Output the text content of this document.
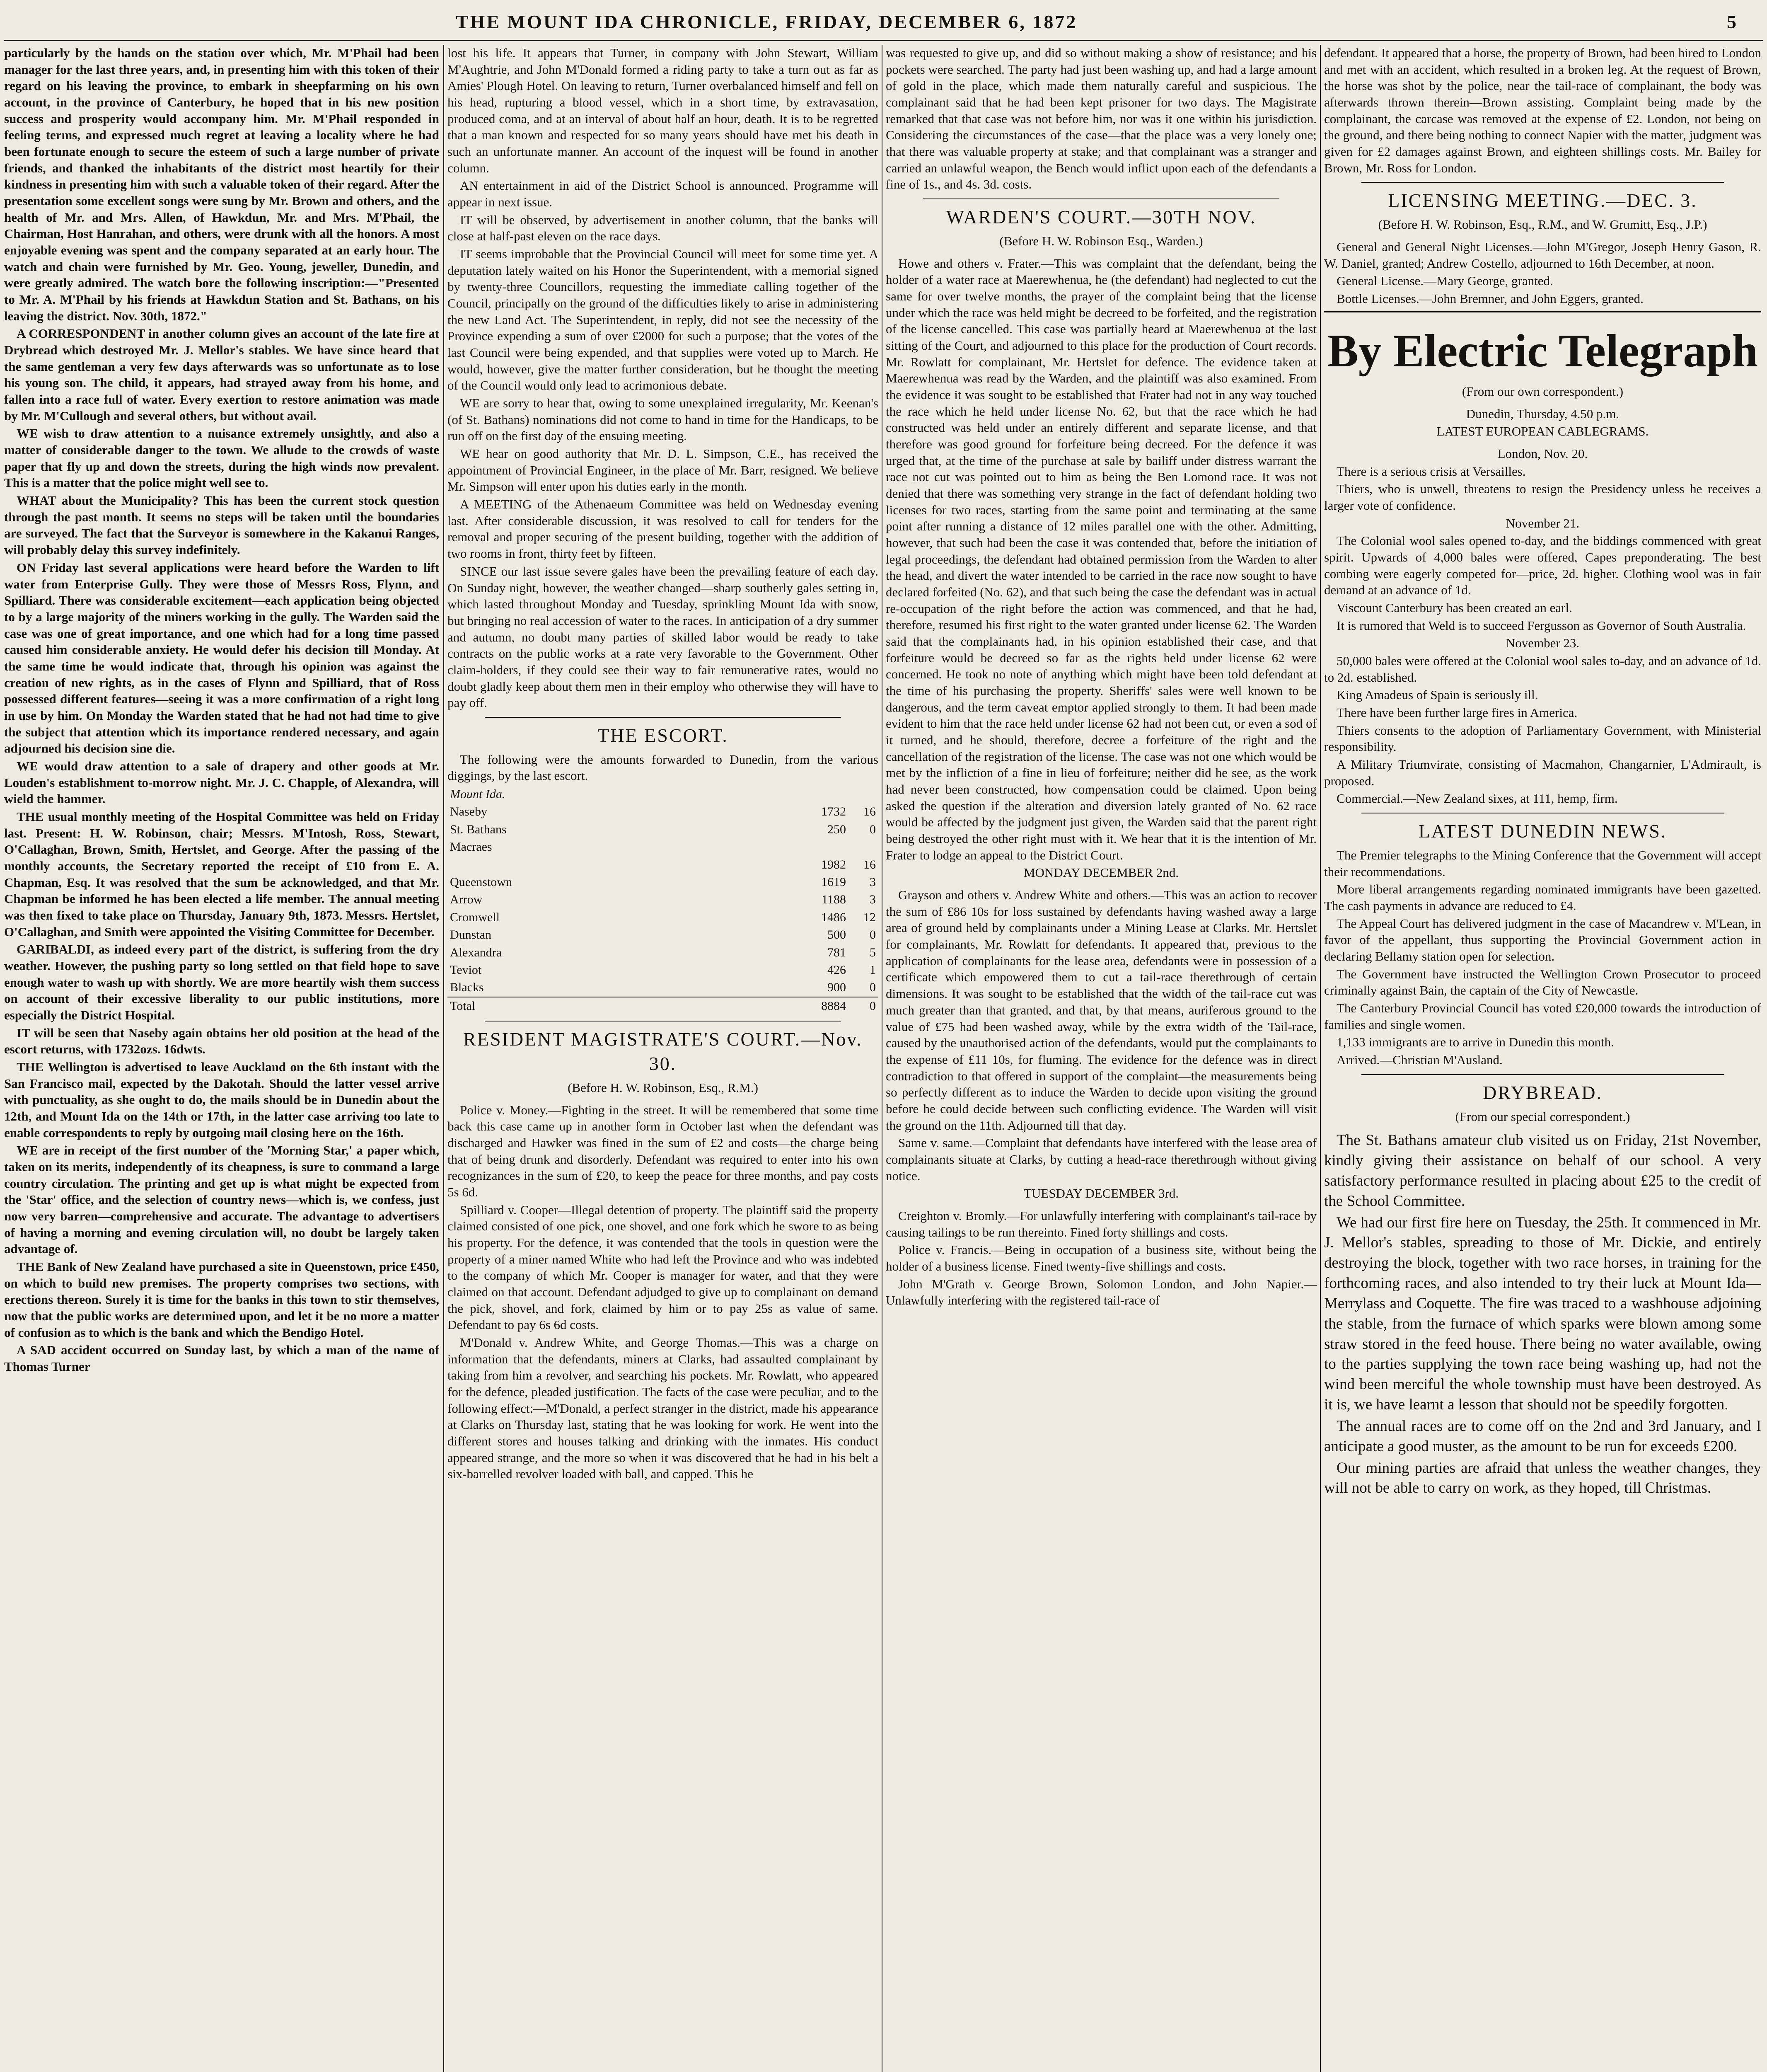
THE MOUNT IDA CHRONICLE, FRIDAY, DECEMBER 6, 1872	5

particularly by the hands on the station over which, Mr. M'Phail had been manager for the last three years, and, in presenting him with this token of their regard on his leaving the province, to embark in sheepfarming on his own account, in the province of Canterbury, he hoped that in his new position success and prosperity would accompany him. Mr. M'Phail responded in feeling terms, and expressed much regret at leaving a locality where he had been fortunate enough to secure the esteem of such a large number of private friends, and thanked the inhabitants of the district most heartily for their kindness in presenting him with such a valuable token of their regard. After the presentation some excellent songs were sung by Mr. Brown and others, and the health of Mr. and Mrs. Allen, of Hawkdun, Mr. and Mrs. M'Phail, the Chairman, Host Hanrahan, and others, were drunk with all the honors. A most enjoyable evening was spent and the company separated at an early hour. The watch and chain were furnished by Mr. Geo. Young, jeweller, Dunedin, and were greatly admired. The watch bore the following inscription:—"Presented to Mr. A. M'Phail by his friends at Hawkdun Station and St. Bathans, on his leaving the district. Nov. 30th, 1872."

A CORRESPONDENT in another column gives an account of the late fire at Drybread which destroyed Mr. J. Mellor's stables. We have since heard that the same gentleman a very few days afterwards was so unfortunate as to lose his young son. The child, it appears, had strayed away from his home, and fallen into a race full of water. Every exertion to restore animation was made by Mr. M'Cullough and several others, but without avail.

WE wish to draw attention to a nuisance extremely unsightly, and also a matter of considerable danger to the town. We allude to the crowds of waste paper that fly up and down the streets, during the high winds now prevalent. This is a matter that the police might well see to.

WHAT about the Municipality? This has been the current stock question through the past month. It seems no steps will be taken until the boundaries are surveyed. The fact that the Surveyor is somewhere in the Kakanui Ranges, will probably delay this survey indefinitely.

ON Friday last several applications were heard before the Warden to lift water from Enterprise Gully. They were those of Messrs Ross, Flynn, and Spilliard. There was considerable excitement—each application being objected to by a large majority of the miners working in the gully. The Warden said the case was one of great importance, and one which had for a long time passed caused him considerable anxiety. He would defer his decision till Monday. At the same time he would indicate that, through his opinion was against the creation of new rights, as in the cases of Flynn and Spilliard, that of Ross possessed different features—seeing it was a more confirmation of a right long in use by him. On Monday the Warden stated that he had not had time to give the subject that attention which its importance rendered necessary, and again adjourned his decision sine die.

WE would draw attention to a sale of drapery and other goods at Mr. Louden's establishment to-morrow night. Mr. J. C. Chapple, of Alexandra, will wield the hammer.

THE usual monthly meeting of the Hospital Committee was held on Friday last. Present: H. W. Robinson, chair; Messrs. M'Intosh, Ross, Stewart, O'Callaghan, Brown, Smith, Hertslet, and George. After the passing of the monthly accounts, the Secretary reported the receipt of £10 from E. A. Chapman, Esq. It was resolved that the sum be acknowledged, and that Mr. Chapman be informed he has been elected a life member. The annual meeting was then fixed to take place on Thursday, January 9th, 1873. Messrs. Hertslet, O'Callaghan, and Smith were appointed the Visiting Committee for December.

GARIBALDI, as indeed every part of the district, is suffering from the dry weather. However, the pushing party so long settled on that field hope to save enough water to wash up with shortly. We are more heartily wish them success on account of their excessive liberality to our public institutions, more especially the District Hospital.

IT will be seen that Naseby again obtains her old position at the head of the escort returns, with 1732ozs. 16dwts.

THE Wellington is advertised to leave Auckland on the 6th instant with the San Francisco mail, expected by the Dakotah. Should the latter vessel arrive with punctuality, as she ought to do, the mails should be in Dunedin about the 12th, and Mount Ida on the 14th or 17th, in the latter case arriving too late to enable correspondents to reply by outgoing mail closing here on the 16th.

WE are in receipt of the first number of the 'Morning Star,' a paper which, taken on its merits, independently of its cheapness, is sure to command a large country circulation. The printing and get up is what might be expected from the 'Star' office, and the selection of country news—which is, we confess, just now very barren—comprehensive and accurate. The advantage to advertisers of having a morning and evening circulation will, no doubt be largely taken advantage of.

THE Bank of New Zealand have purchased a site in Queenstown, price £450, on which to build new premises. The property comprises two sections, with erections thereon. Surely it is time for the banks in this town to stir themselves, now that the public works are determined upon, and let it be no more a matter of confusion as to which is the bank and which the Bendigo Hotel.

A SAD accident occurred on Sunday last, by which a man of the name of Thomas Turner

lost his life. It appears that Turner, in company with John Stewart, William M'Aughtrie, and John M'Donald formed a riding party to take a turn out as far as Amies' Plough Hotel. On leaving to return, Turner overbalanced himself and fell on his head, rupturing a blood vessel, which in a short time, by extravasation, produced coma, and at an interval of about half an hour, death. It is to be regretted that a man known and respected for so many years should have met his death in such an unfortunate manner. An account of the inquest will be found in another column.

AN entertainment in aid of the District School is announced. Programme will appear in next issue.

IT will be observed, by advertisement in another column, that the banks will close at half-past eleven on the race days.

IT seems improbable that the Provincial Council will meet for some time yet. A deputation lately waited on his Honor the Superintendent, with a memorial signed by twenty-three Councillors, requesting the immediate calling together of the Council, principally on the ground of the difficulties likely to arise in administering the new Land Act. The Superintendent, in reply, did not see the necessity of the Province expending a sum of over £2000 for such a purpose; that the votes of the last Council were being expended, and that supplies were voted up to March. He would, however, give the matter further consideration, but he thought the meeting of the Council would only lead to acrimonious debate.

WE are sorry to hear that, owing to some unexplained irregularity, Mr. Keenan's (of St. Bathans) nominations did not come to hand in time for the Handicaps, to be run off on the first day of the ensuing meeting.

WE hear on good authority that Mr. D. L. Simpson, C.E., has received the appointment of Provincial Engineer, in the place of Mr. Barr, resigned. We believe Mr. Simpson will enter upon his duties early in the month.

A MEETING of the Athenaeum Committee was held on Wednesday evening last. After considerable discussion, it was resolved to call for tenders for the removal and proper securing of the present building, together with the addition of two rooms in front, thirty feet by fifteen.

SINCE our last issue severe gales have been the prevailing feature of each day. On Sunday night, however, the weather changed—sharp southerly gales setting in, which lasted throughout Monday and Tuesday, sprinkling Mount Ida with snow, but bringing no real accession of water to the races. In anticipation of a dry summer and autumn, no doubt many parties of skilled labor would be ready to take contracts on the public works at a rate very favorable to the Government. Other claim-holders, if they could see their way to fair remunerative rates, would no doubt gladly keep about them men in their employ who otherwise they will have to pay off.

THE ESCORT.

The following were the amounts forwarded to Dunedin, from the various diggings, by the last escort.

Mount Ida.		
Naseby	1732	16
St. Bathans	250	0
Macraes		
	1982	16
Queenstown	1619	3
Arrow	1188	3
Cromwell	1486	12
Dunstan	500	0
Alexandra	781	5
Teviot	426	1
Blacks	900	0
Total	8884	0
RESIDENT MAGISTRATE'S COURT.—Nov. 30.
(Before H. W. Robinson, Esq., R.M.)

Police v. Money.—Fighting in the street. It will be remembered that some time back this case came up in another form in October last when the defendant was discharged and Hawker was fined in the sum of £2 and costs—the charge being that of being drunk and disorderly. Defendant was required to enter into his own recognizances in the sum of £20, to keep the peace for three months, and pay costs 5s 6d.

Spilliard v. Cooper—Illegal detention of property. The plaintiff said the property claimed consisted of one pick, one shovel, and one fork which he swore to as being his property. For the defence, it was contended that the tools in question were the property of a miner named White who had left the Province and who was indebted to the company of which Mr. Cooper is manager for water, and that they were claimed on that account. Defendant adjudged to give up to complainant on demand the pick, shovel, and fork, claimed by him or to pay 25s as value of same. Defendant to pay 6s 6d costs.

M'Donald v. Andrew White, and George Thomas.—This was a charge on information that the defendants, miners at Clarks, had assaulted complainant by taking from him a revolver, and searching his pockets. Mr. Rowlatt, who appeared for the defence, pleaded justification. The facts of the case were peculiar, and to the following effect:—M'Donald, a perfect stranger in the district, made his appearance at Clarks on Thursday last, stating that he was looking for work. He went into the different stores and houses talking and drinking with the inmates. His conduct appeared strange, and the more so when it was discovered that he had in his belt a six-barrelled revolver loaded with ball, and capped. This he

was requested to give up, and did so without making a show of resistance; and his pockets were searched. The party had just been washing up, and had a large amount of gold in the place, which made them naturally careful and suspicious. The complainant said that he had been kept prisoner for two days. The Magistrate remarked that that case was not before him, nor was it one within his jurisdiction. Considering the circumstances of the case—that the place was a very lonely one; that there was valuable property at stake; and that complainant was a stranger and carried an unlawful weapon, the Bench would inflict upon each of the defendants a fine of 1s., and 4s. 3d. costs.

WARDEN'S COURT.—30TH NOV.
(Before H. W. Robinson Esq., Warden.)

Howe and others v. Frater.—This was complaint that the defendant, being the holder of a water race at Maerewhenua, he (the defendant) had neglected to cut the same for over twelve months, the prayer of the complaint being that the license under which the race was held might be decreed to be forfeited, and the registration of the license cancelled. This case was partially heard at Maerewhenua at the last sitting of the Court, and adjourned to this place for the production of Court records. Mr. Rowlatt for complainant, Mr. Hertslet for defence. The evidence taken at Maerewhenua was read by the Warden, and the plaintiff was also examined. From the evidence it was sought to be established that Frater had not in any way touched the race which he held under license No. 62, but that the race which he had constructed was held under an entirely different and separate license, and that therefore was good ground for forfeiture being decreed. For the defence it was urged that, at the time of the purchase at sale by bailiff under distress warrant the race not cut was pointed out to him as being the Ben Lomond race. It was not denied that there was something very strange in the fact of defendant holding two licenses for two races, starting from the same point and terminating at the same point after running a distance of 12 miles parallel one with the other. Admitting, however, that such had been the case it was contended that, before the initiation of legal proceedings, the defendant had obtained permission from the Warden to alter the head, and divert the water intended to be carried in the race now sought to have declared forfeited (No. 62), and that such being the case the defendant was in actual re-occupation of the right before the action was commenced, and that he had, therefore, resumed his first right to the water granted under license 62. The Warden said that the complainants had, in his opinion established their case, and that forfeiture would be decreed so far as the rights held under license 62 were concerned. He took no note of anything which might have been told defendant at the time of his purchasing the property. Sheriffs' sales were well known to be dangerous, and the term caveat emptor applied strongly to them. It had been made evident to him that the race held under license 62 had not been cut, or even a sod of it turned, and he should, therefore, decree a forfeiture of the right and the cancellation of the registration of the license. The case was not one which would be met by the infliction of a fine in lieu of forfeiture; neither did he see, as the work had never been constructed, how compensation could be claimed. Upon being asked the question if the alteration and diversion lately granted of No. 62 race would be affected by the judgment just given, the Warden said that the parent right being destroyed the other right must with it. We hear that it is the intention of Mr. Frater to lodge an appeal to the District Court.

MONDAY DECEMBER 2nd.

Grayson and others v. Andrew White and others.—This was an action to recover the sum of £86 10s for loss sustained by defendants having washed away a large area of ground held by complainants under a Mining Lease at Clarks. Mr. Hertslet for complainants, Mr. Rowlatt for defendants. It appeared that, previous to the application of complainants for the lease area, defendants were in possession of a certificate which empowered them to cut a tail-race therethrough of certain dimensions. It was sought to be established that the width of the tail-race cut was much greater than that granted, and that, by that means, auriferous ground to the value of £75 had been washed away, while by the extra width of the Tail-race, caused by the unauthorised action of the defendants, would put the complainants to the expense of £11 10s, for fluming. The evidence for the defence was in direct contradiction to that offered in support of the complaint—the measurements being so perfectly different as to induce the Warden to decide upon visiting the ground before he could decide between such conflicting evidence. The Warden will visit the ground on the 11th. Adjourned till that day.

Same v. same.—Complaint that defendants have interfered with the lease area of complainants situate at Clarks, by cutting a head-race therethrough without giving notice.

TUESDAY DECEMBER 3rd.

Creighton v. Bromly.—For unlawfully interfering with complainant's tail-race by causing tailings to be run thereinto. Fined forty shillings and costs.

Police v. Francis.—Being in occupation of a business site, without being the holder of a business license. Fined twenty-five shillings and costs.

John M'Grath v. George Brown, Solomon London, and John Napier.—Unlawfully interfering with the registered tail-race of

defendant. It appeared that a horse, the property of Brown, had been hired to London and met with an accident, which resulted in a broken leg. At the request of Brown, the horse was shot by the police, near the tail-race of complainant, the body was afterwards thrown therein—Brown assisting. Complaint being made by the complainant, the carcase was removed at the expense of £2. London, not being on the ground, and there being nothing to connect Napier with the matter, judgment was given for £2 damages against Brown, and eighteen shillings costs. Mr. Bailey for Brown, Mr. Ross for London.

LICENSING MEETING.—DEC. 3.
(Before H. W. Robinson, Esq., R.M., and W. Grumitt, Esq., J.P.)

General and General Night Licenses.—John M'Gregor, Joseph Henry Gason, R. W. Daniel, granted; Andrew Costello, adjourned to 16th December, at noon.

General License.—Mary George, granted.

Bottle Licenses.—John Bremner, and John Eggers, granted.

By Electric Telegraph
(From our own correspondent.)

Dunedin, Thursday, 4.50 p.m.

LATEST EUROPEAN CABLEGRAMS.

London, Nov. 20.

There is a serious crisis at Versailles.

Thiers, who is unwell, threatens to resign the Presidency unless he receives a larger vote of confidence.

November 21.

The Colonial wool sales opened to-day, and the biddings commenced with great spirit. Upwards of 4,000 bales were offered, Capes preponderating. The best combing were eagerly competed for—price, 2d. higher. Clothing wool was in fair demand at an advance of 1d.

Viscount Canterbury has been created an earl.

It is rumored that Weld is to succeed Fergusson as Governor of South Australia.

November 23.

50,000 bales were offered at the Colonial wool sales to-day, and an advance of 1d. to 2d. established.

King Amadeus of Spain is seriously ill.

There have been further large fires in America.

Thiers consents to the adoption of Parliamentary Government, with Ministerial responsibility.

A Military Triumvirate, consisting of Macmahon, Changarnier, L'Admirault, is proposed.

Commercial.—New Zealand sixes, at 111, hemp, firm.

LATEST DUNEDIN NEWS.

The Premier telegraphs to the Mining Conference that the Government will accept their recommendations.

More liberal arrangements regarding nominated immigrants have been gazetted. The cash payments in advance are reduced to £4.

The Appeal Court has delivered judgment in the case of Macandrew v. M'Lean, in favor of the appellant, thus supporting the Provincial Government action in declaring Bellamy station open for selection.

The Government have instructed the Wellington Crown Prosecutor to proceed criminally against Bain, the captain of the City of Newcastle.

The Canterbury Provincial Council has voted £20,000 towards the introduction of families and single women.

1,133 immigrants are to arrive in Dunedin this month.

Arrived.—Christian M'Ausland.

DRYBREAD.
(From our special correspondent.)

The St. Bathans amateur club visited us on Friday, 21st November, kindly giving their assistance on behalf of our school. A very satisfactory performance resulted in placing about £25 to the credit of the School Committee.

We had our first fire here on Tuesday, the 25th. It commenced in Mr. J. Mellor's stables, spreading to those of Mr. Dickie, and entirely destroying the block, together with two race horses, in training for the forthcoming races, and also intended to try their luck at Mount Ida—Merrylass and Coquette. The fire was traced to a washhouse adjoining the stable, from the furnace of which sparks were blown among some straw stored in the feed house. There being no water available, owing to the parties supplying the town race being washing up, had not the wind been merciful the whole township must have been destroyed. As it is, we have learnt a lesson that should not be speedily forgotten.

The annual races are to come off on the 2nd and 3rd January, and I anticipate a good muster, as the amount to be run for exceeds £200.

Our mining parties are afraid that unless the weather changes, they will not be able to carry on work, as they hoped, till Christmas.
